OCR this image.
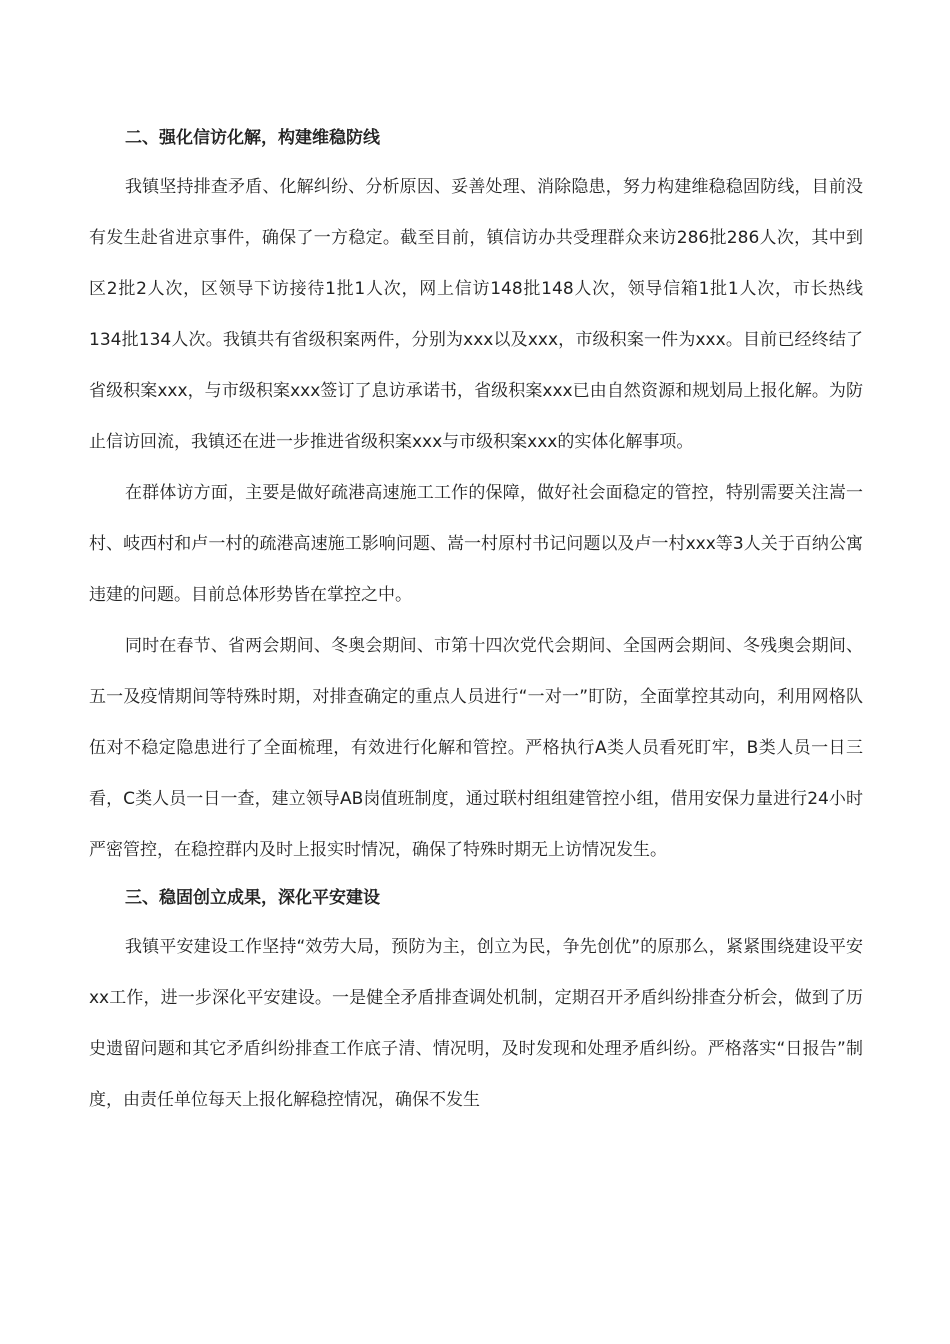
二、强化信访化解，构建维稳防线

我镇坚持排查矛盾、化解纠纷、分析原因、妥善处理、消除隐患，努力构建维稳稳固防线，目前没有发生赴省进京事件，确保了一方稳定。截至目前，镇信访办共受理群众来访286批286人次，其中到区2批2人次，区领导下访接待1批1人次，网上信访148批148人次，领导信箱1批1人次，市长热线134批134人次。我镇共有省级积案两件，分别为xxx以及xxx，市级积案一件为xxx。目前已经终结了省级积案xxx，与市级积案xxx签订了息访承诺书，省级积案xxx已由自然资源和规划局上报化解。为防止信访回流，我镇还在进一步推进省级积案xxx与市级积案xxx的实体化解事项。

在群体访方面，主要是做好疏港高速施工工作的保障，做好社会面稳定的管控，特别需要关注嵩一村、岐西村和卢一村的疏港高速施工影响问题、嵩一村原村书记问题以及卢一村xxx等3人关于百纳公寓违建的问题。目前总体形势皆在掌控之中。

同时在春节、省两会期间、冬奥会期间、市第十四次党代会期间、全国两会期间、冬残奥会期间、五一及疫情期间等特殊时期，对排查确定的重点人员进行“一对一”盯防，全面掌控其动向，利用网格队伍对不稳定隐患进行了全面梳理，有效进行化解和管控。严格执行A类人员看死盯牢，B类人员一日三看，C类人员一日一查，建立领导AB岗值班制度，通过联村组组建管控小组，借用安保力量进行24小时严密管控，在稳控群内及时上报实时情况，确保了特殊时期无上访情况发生。

三、稳固创立成果，深化平安建设

我镇平安建设工作坚持“效劳大局，预防为主，创立为民，争先创优”的原那么，紧紧围绕建设平安xx工作，进一步深化平安建设。一是健全矛盾排查调处机制，定期召开矛盾纠纷排查分析会，做到了历史遗留问题和其它矛盾纠纷排查工作底子清、情况明，及时发现和处理矛盾纠纷。严格落实“日报告”制度，由责任单位每天上报化解稳控情况，确保不发生
